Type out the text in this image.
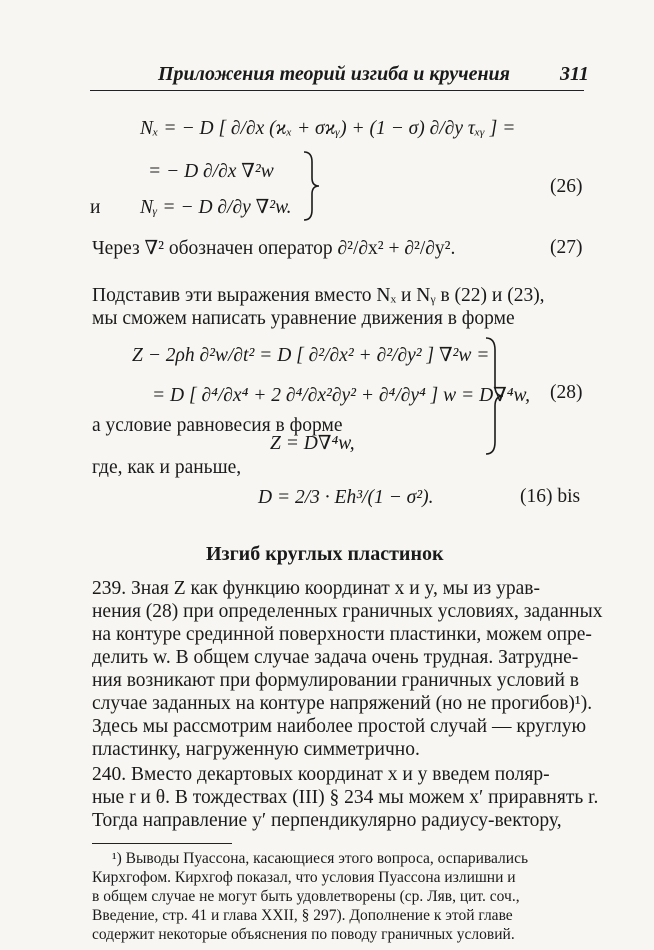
Приложения теорий изгиба и кручения	311
Nₓ = − D [ ∂/∂x (ϰₓ + σϰᵧ) + (1 − σ) ∂/∂y τₓᵧ ] =
= − D ∂/∂x ∇²w
и Nᵧ = − D ∂/∂y ∇²w.
(26)
Через ∇² обозначен оператор ∂²/∂x² + ∂²/∂y².	(27)
Подставив эти выражения вместо Nₓ и Nᵧ в (22) и (23),
мы сможем написать уравнение движения в форме
Z − 2ρh ∂²w/∂t² = D [ ∂²/∂x² + ∂²/∂y² ] ∇²w =
= D [ ∂⁴/∂x⁴ + 2 ∂⁴/∂x²∂y² + ∂⁴/∂y⁴ ] w = D∇⁴w,
а условие равновесия в форме
Z = D∇⁴w,
(28)
где, как и раньше,
D = 2/3 · Eh³/(1 − σ²).	(16) bis
Изгиб круглых пластинок
239. Зная Z как функцию координат x и y, мы из урав-
нения (28) при определенных граничных условиях, заданных
на контуре срединной поверхности пластинки, можем опре-
делить w. В общем случае задача очень трудная. Затрудне-
ния возникают при формулировании граничных условий в
случае заданных на контуре напряжений (но не прогибов)¹).
Здесь мы рассмотрим наиболее простой случай — круглую
пластинку, нагруженную симметрично.
240. Вместо декартовых координат x и y введем поляр-
ные r и θ. В тождествах (III) § 234 мы можем x′ приравнять r.
Тогда направление y′ перпендикулярно радиусу-вектору,
¹) Выводы Пуассона, касающиеся этого вопроса, оспаривались
Кирхгофом. Кирхгоф показал, что условия Пуассона излишни и
в общем случае не могут быть удовлетворены (ср. Ляв, цит. соч.,
Введение, стр. 41 и глава XXII, § 297). Дополнение к этой главе
содержит некоторые объяснения по поводу граничных условий.
